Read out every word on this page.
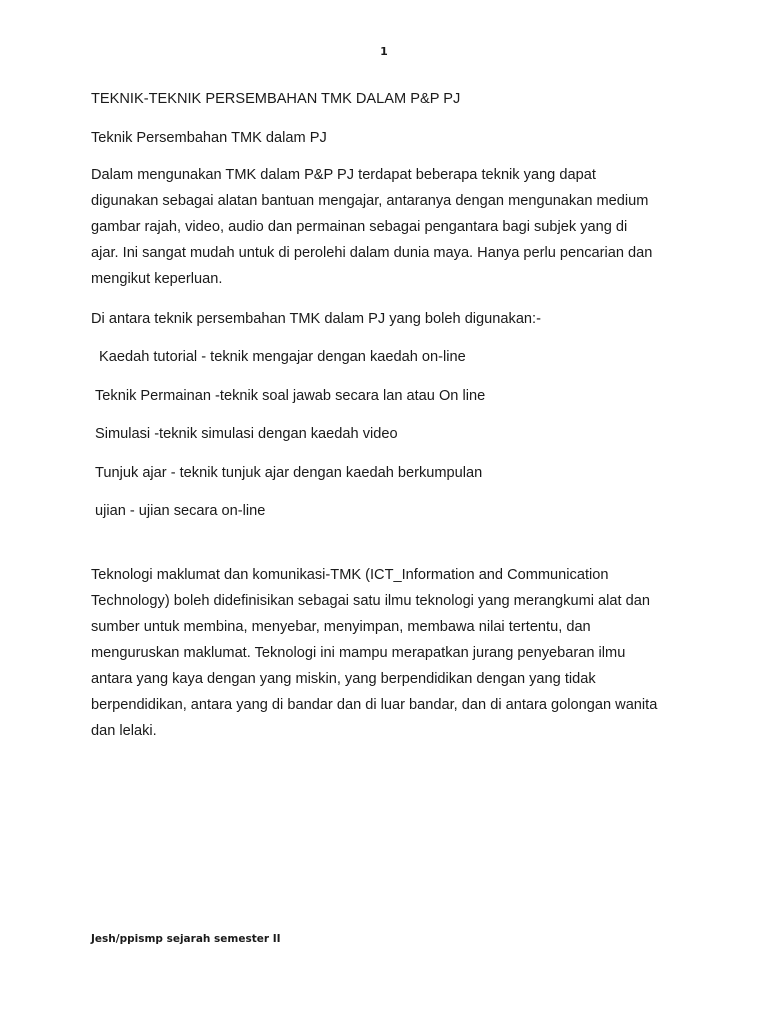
1
TEKNIK-TEKNIK PERSEMBAHAN TMK DALAM P&P PJ
Teknik Persembahan TMK dalam PJ
Dalam mengunakan TMK dalam P&P PJ terdapat beberapa teknik yang dapat
digunakan sebagai alatan bantuan mengajar, antaranya dengan mengunakan medium
gambar rajah, video, audio dan permainan sebagai pengantara bagi subjek yang di
ajar. Ini sangat mudah untuk di perolehi dalam dunia maya. Hanya perlu pencarian dan
mengikut keperluan.
Di antara teknik persembahan TMK dalam PJ yang boleh digunakan:-
Kaedah tutorial - teknik mengajar dengan kaedah on-line
Teknik Permainan -teknik soal jawab secara lan atau On line
Simulasi -teknik simulasi dengan kaedah video
Tunjuk ajar - teknik tunjuk ajar dengan kaedah berkumpulan
ujian - ujian secara on-line
Teknologi maklumat dan komunikasi-TMK (ICT_Information and Communication
Technology) boleh didefinisikan sebagai satu ilmu teknologi yang merangkumi alat dan
sumber untuk membina, menyebar, menyimpan, membawa nilai tertentu, dan
menguruskan maklumat. Teknologi ini mampu merapatkan jurang penyebaran ilmu
antara yang kaya dengan yang miskin, yang berpendidikan dengan yang tidak
berpendidikan, antara yang di bandar dan di luar bandar, dan di antara golongan wanita
dan lelaki.
Jesh/ppismp sejarah semester II
